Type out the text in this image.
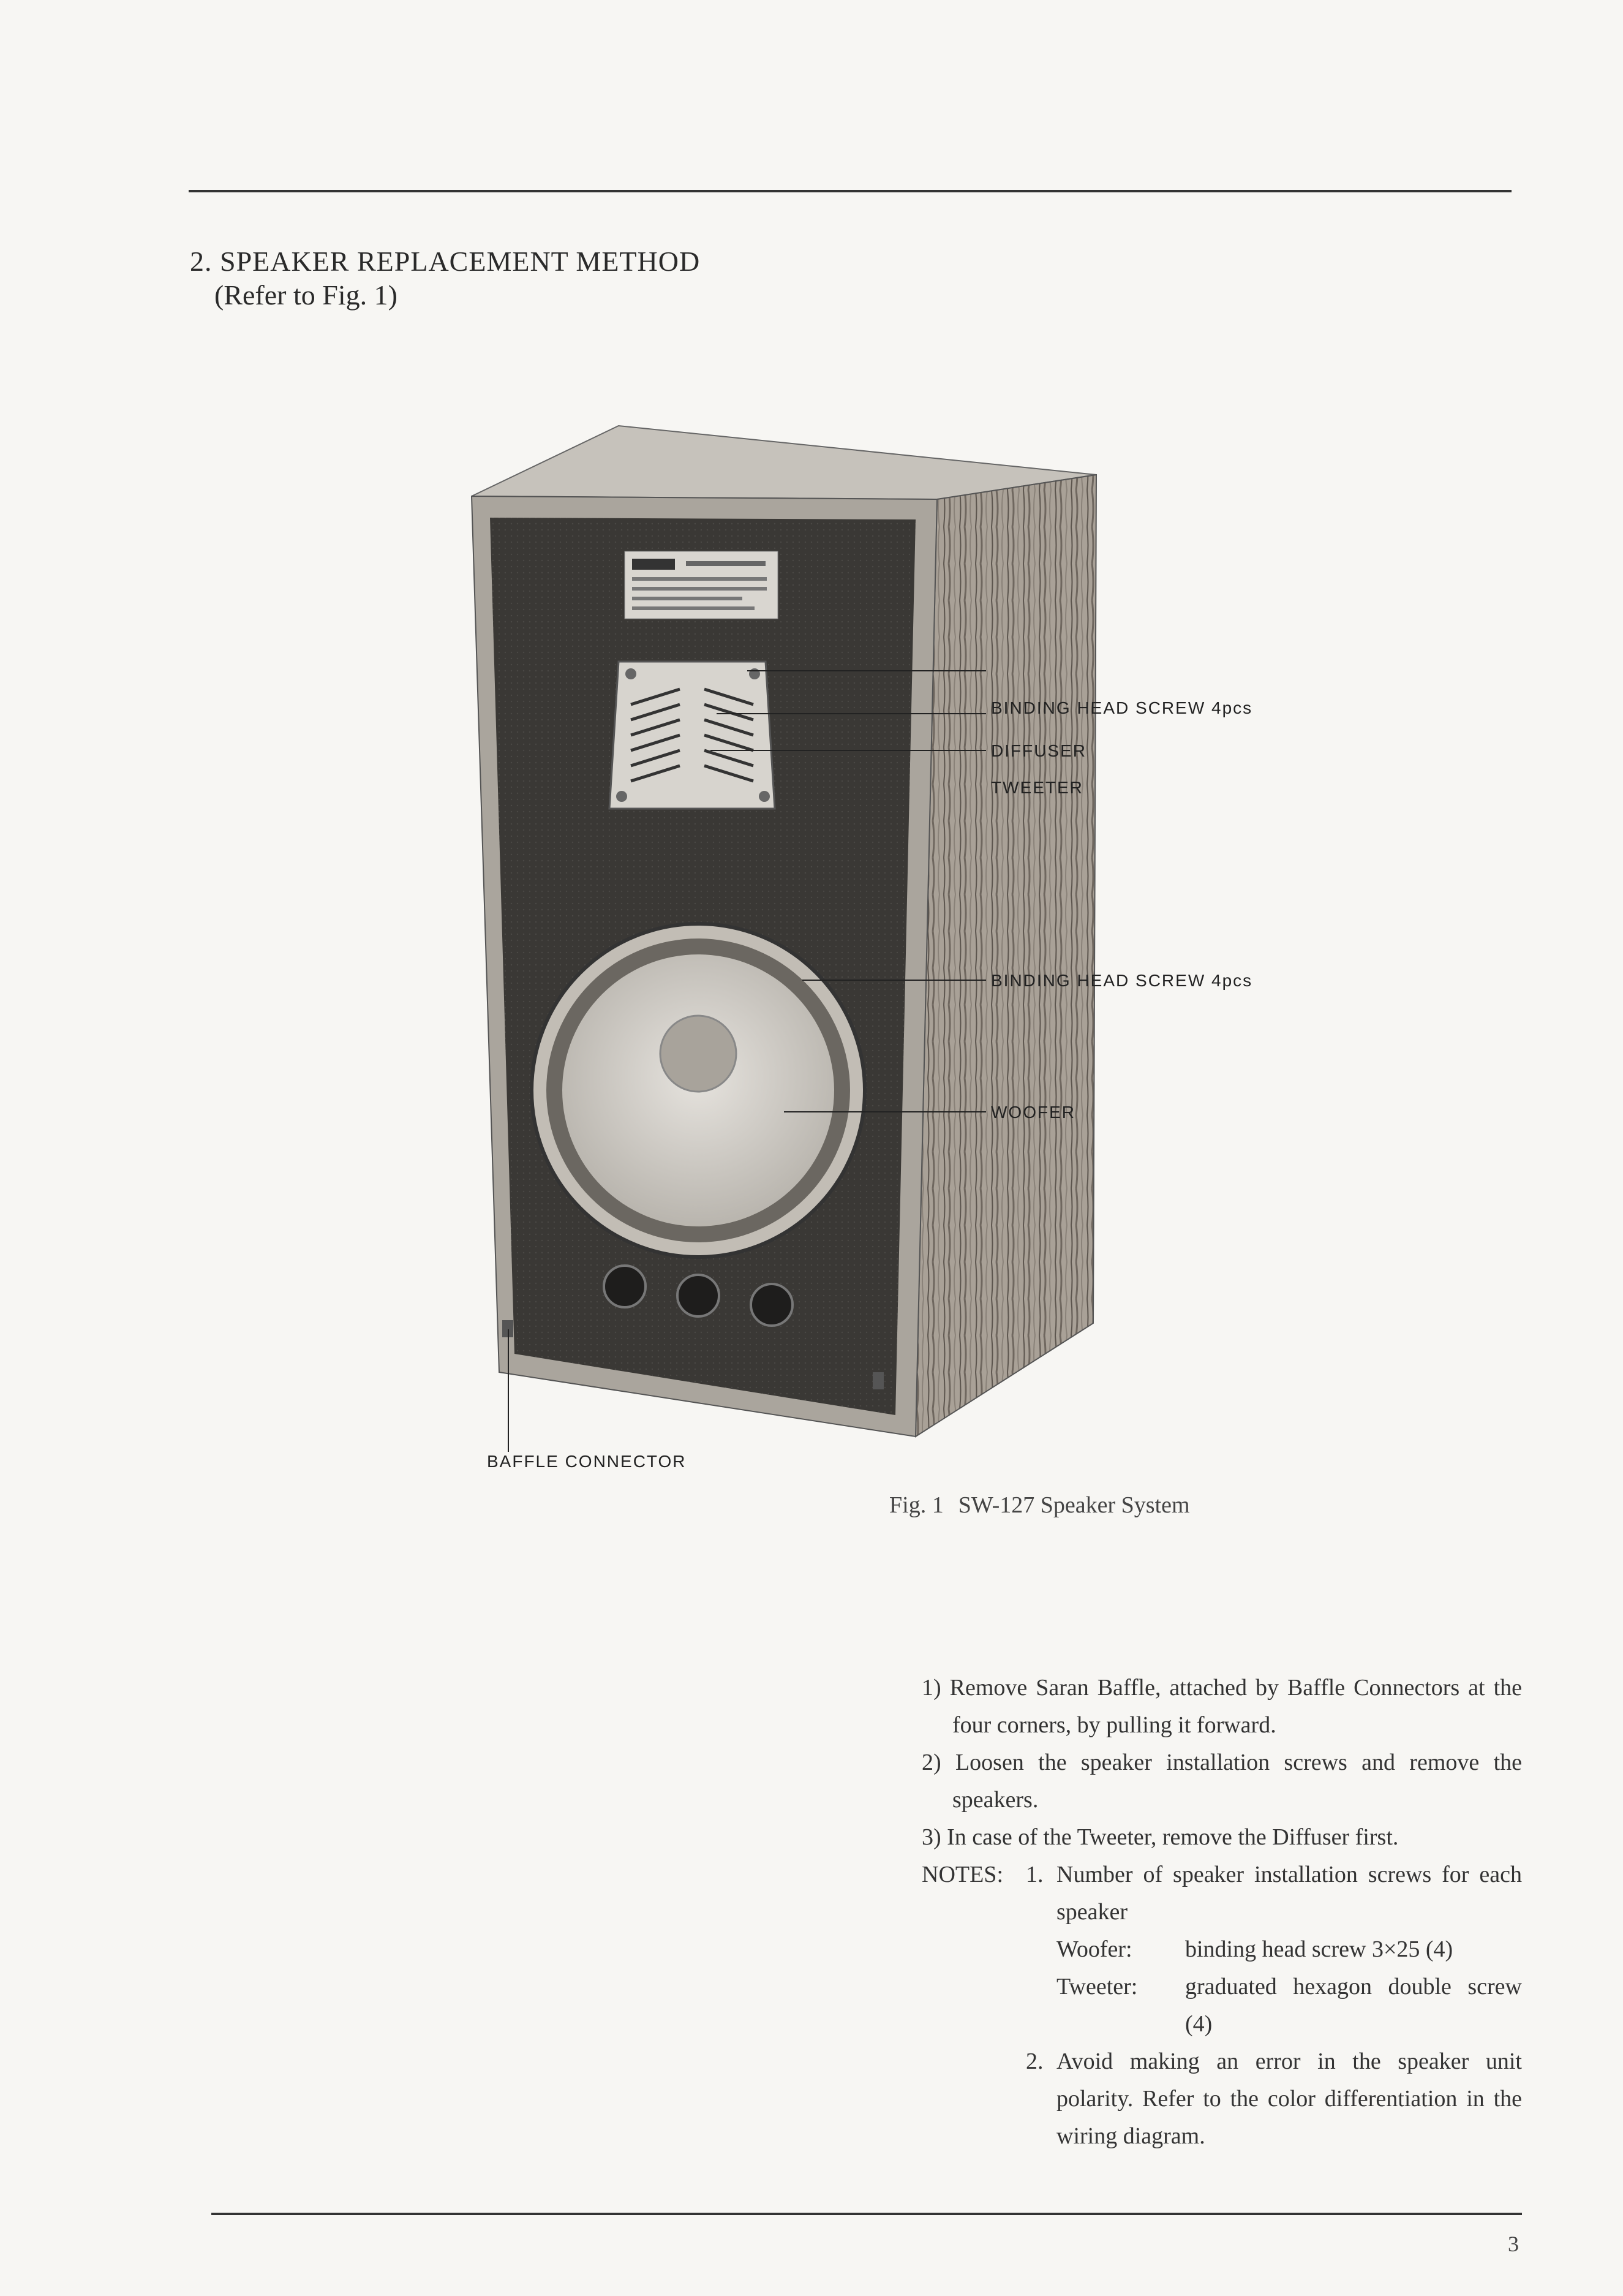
2. SPEAKER REPLACEMENT METHOD
(Refer to Fig. 1)
BINDING HEAD SCREW 4pcs
DIFFUSER
TWEETER
BINDING HEAD SCREW 4pcs
WOOFER
BAFFLE CONNECTOR
Fig. 1 SW-127 Speaker System

1) Remove Saran Baffle, attached by Baffle Connectors at the four corners, by pulling it forward.

2) Loosen the speaker installation screws and remove the speakers.

3) In case of the Tweeter, remove the Diffuser first.

NOTES: 1. Number of speaker installation screws for each speaker
Woofer:	binding head screw 3×25 (4)
Tweeter:	graduated hexagon double screw (4)
2. Avoid making an error in the speaker unit polarity. Refer to the color differentiation in the wiring diagram.
3
